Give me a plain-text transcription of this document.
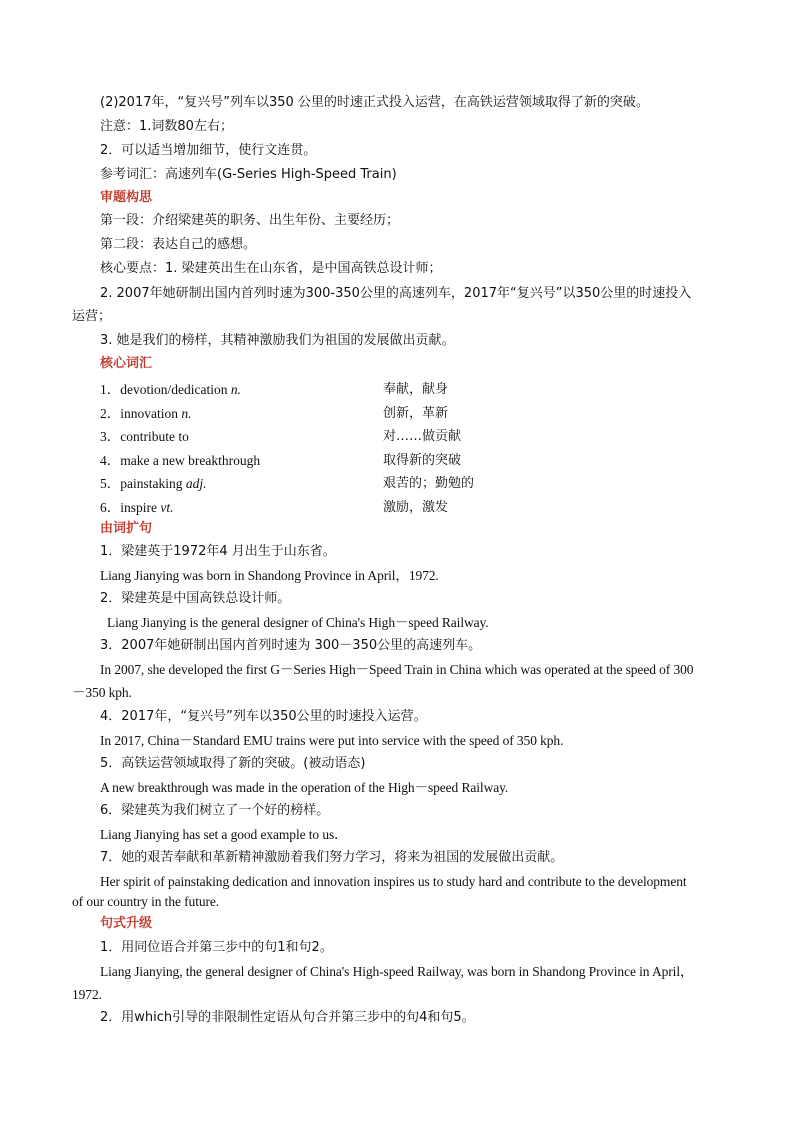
(2)2017年，“复兴号”列车以350 公里的时速正式投入运营，在高铁运营领域取得了新的突破。
注意：1.词数80左右；
2．可以适当增加细节，使行文连贯。
参考词汇：高速列车(G-Series High-Speed Train)
审题构思
第一段：介绍梁建英的职务、出生年份、主要经历；
第二段：表达自己的感想。
核心要点：1. 梁建英出生在山东省，是中国高铁总设计师；
2. 2007年她研制出国内首列时速为300-350公里的高速列车，2017年“复兴号”以350公里的时速投入
运营；
3. 她是我们的榜样，其精神激励我们为祖国的发展做出贡献。
核心词汇
1．devotion/dedication n.	奉献，献身
2．innovation n.	创新，革新
3．contribute to	对……做贡献
4．make a new breakthrough	取得新的突破
5．painstaking adj.	艰苦的；勤勉的
6．inspire vt.	激励，激发
由词扩句
1．梁建英于1972年4 月出生于山东省。
Liang Jianying was born in Shandong Province in April，1972.
2．梁建英是中国高铁总设计师。
Liang Jianying is the general designer of China's High－speed Railway.
3．2007年她研制出国内首列时速为 300－350公里的高速列车。
In 2007, she developed the first G－Series High－Speed Train in China which was operated at the speed of 300
－350 kph.
4．2017年，“复兴号”列车以350公里的时速投入运营。
In 2017, China－Standard EMU trains were put into service with the speed of 350 kph.
5．高铁运营领域取得了新的突破。(被动语态)
A new breakthrough was made in the operation of the High－speed Railway.
6．梁建英为我们树立了一个好的榜样。
Liang Jianying has set a good example to us．
7．她的艰苦奉献和革新精神激励着我们努力学习，将来为祖国的发展做出贡献。
Her spirit of painstaking dedication and innovation inspires us to study hard and contribute to the development
of our country in the future.
句式升级
1．用同位语合并第三步中的句1和句2。
Liang Jianying, the general designer of China's High-speed Railway, was born in Shandong Province in April，
1972.
2．用which引导的非限制性定语从句合并第三步中的句4和句5。
